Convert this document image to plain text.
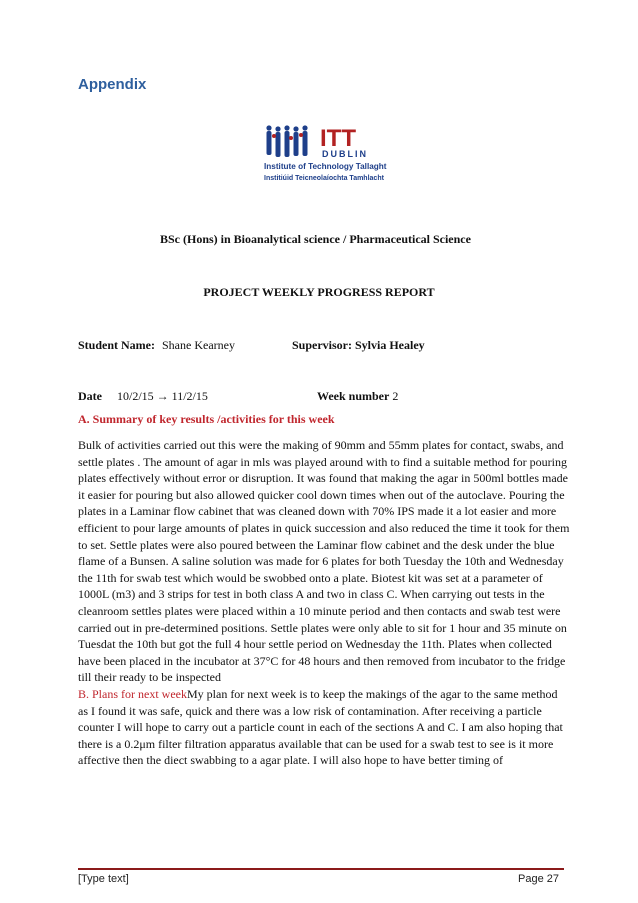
Appendix
ITT
DUBLIN
Institute of Technology Tallaght
Institiúid Teicneolaíochta Tamhlacht
BSc (Hons) in Bioanalytical science / Pharmaceutical Science
PROJECT WEEKLY PROGRESS REPORT
Student Name: Shane Kearney	Supervisor: Sylvia Healey
Date 10/2/15 → 11/2/15	Week number 2
A. Summary of key results /activities for this week
Bulk of activities carried out this were the making of 90mm and 55mm plates for contact, swabs, and
settle plates . The amount of agar in mls was played around with to find a suitable method for pouring
plates effectively without error or disruption. It was found that making the agar in 500ml bottles made
it easier for pouring but also allowed quicker cool down times when out of the autoclave. Pouring the
plates in a Laminar flow cabinet that was cleaned down with 70% IPS made it a lot easier and more
efficient to pour large amounts of plates in quick succession and also reduced the time it took for them
to set. Settle plates were also poured between the Laminar flow cabinet and the desk under the blue
flame of a Bunsen. A saline solution was made for 6 plates for both Tuesday the 10th and Wednesday
the 11th for swab test which would be swobbed onto a plate. Biotest kit was set at a parameter of
1000L (m3) and 3 strips for test in both class A and two in class C. When carrying out tests in the
cleanroom settles plates were placed within a 10 minute period and then contacts and swab test were
carried out in pre-determined positions. Settle plates were only able to sit for 1 hour and 35 minute on
Tuesdat the 10th but got the full 4 hour settle period on Wednesday the 11th. Plates when collected
have been placed in the incubator at 37°C for 48 hours and then removed from incubator to the fridge
till their ready to be inspected
B. Plans for next weekMy plan for next week is to keep the makings of the agar to the same method
as I found it was safe, quick and there was a low risk of contamination. After receiving a particle
counter I will hope to carry out a particle count in each of the sections A and C. I am also hoping that
there is a 0.2μm filter filtration apparatus available that can be used for a swab test to see is it more
affective then the diect swabbing to a agar plate. I will also hope to have better timing of
[Type text]	Page 27
